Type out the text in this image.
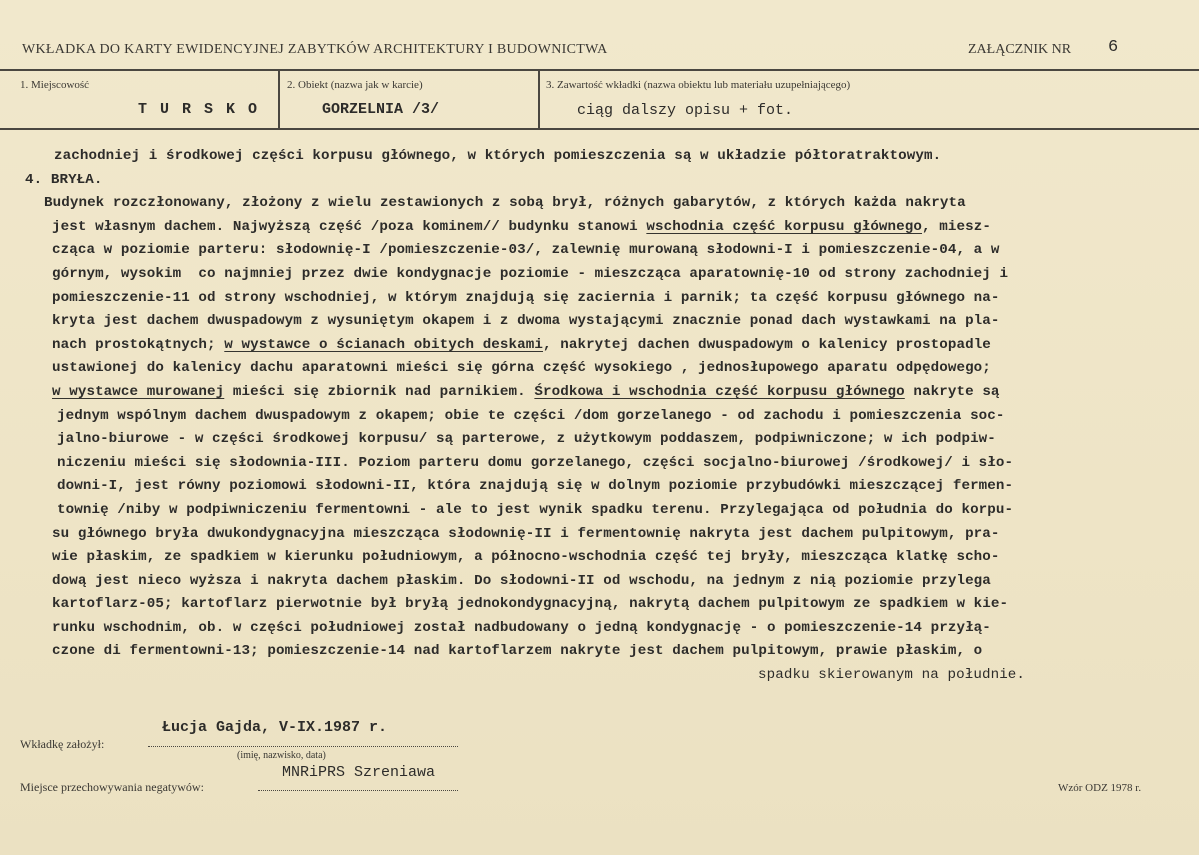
WKŁADKA DO KARTY EWIDENCYJNEJ ZABYTKÓW ARCHITEKTURY I BUDOWNICTWA	ZAŁĄCZNIK NR 6
1. Miejscowość
T U R S K O
2. Obiekt (nazwa jak w karcie)
GORZELNIA /3/
3. Zawartość wkładki (nazwa obiektu lub materiału uzupełniającego)
ciąg dalszy opisu + fot.
zachodniej i środkowej części korpusu głównego, w których pomieszczenia są w układzie półtoratraktowym.
4. BRYŁA.
Budynek rozczłonowany, złożony z wielu zestawionych z sobą brył, różnych gabarytów, z których każda nakryta
jest własnym dachem. Najwyższą część /poza kominem// budynku stanowi wschodnia część korpusu głównego, miesz-
cząca w poziomie parteru: słodownię-I /pomieszczenie-03/, zalewnię murowaną słodowni-I i pomieszczenie-04, a w
górnym, wysokim  co najmniej przez dwie kondygnacje poziomie - mieszcząca aparatownię-10 od strony zachodniej i
pomieszczenie-11 od strony wschodniej, w którym znajdują się zaciernia i parnik; ta część korpusu głównego na-
kryta jest dachem dwuspadowym z wysuniętym okapem i z dwoma wystającymi znacznie ponad dach wystawkami na pla-
nach prostokątnych; w wystawce o ścianach obitych deskami, nakrytej dachen dwuspadowym o kalenicy prostopadle
ustawionej do kalenicy dachu aparatowni mieści się górna część wysokiego , jednosłupowego aparatu odpędowego;
w wystawce murowanej mieści się zbiornik nad parnikiem. Środkowa i wschodnia część korpusu głównego nakryte są
jednym wspólnym dachem dwuspadowym z okapem; obie te części /dom gorzelanego - od zachodu i pomieszczenia soc-
jalno-biurowe - w części środkowej korpusu/ są parterowe, z użytkowym poddaszem, podpiwniczone; w ich podpiw-
niczeniu mieści się słodownia-III. Poziom parteru domu gorzelanego, części socjalno-biurowej /środkowej/ i sło-
downi-I, jest równy poziomowi słodowni-II, która znajdują się w dolnym poziomie przybudówki mieszczącej fermen-
townię /niby w podpiwniczeniu fermentowni - ale to jest wynik spadku terenu. Przylegająca od południa do korpu-
su głównego bryła dwukondygnacyjna mieszcząca słodownię-II i fermentownię nakryta jest dachem pulpitowym, pra-
wie płaskim, ze spadkiem w kierunku południowym, a północno-wschodnia część tej bryły, mieszcząca klatkę scho-
dową jest nieco wyższa i nakryta dachem płaskim. Do słodowni-II od wschodu, na jednym z nią poziomie przylega
kartoflarz-05; kartoflarz pierwotnie był bryłą jednokondygnacyjną, nakrytą dachem pulpitowym ze spadkiem w kie-
runku wschodnim, ob. w części południowej został nadbudowany o jedną kondygnację - o pomieszczenie-14 przyłą-
czone di fermentowni-13; pomieszczenie-14 nad kartoflarzem nakryte jest dachem pulpitowym, prawie płaskim, o
spadku skierowanym na południe.
Wkładkę założył:
Łucja Gajda, V-IX.1987 r.
(imię, nazwisko, data)
Miejsce przechowywania negatywów:
MNRiPRS Szreniawa
Wzór ODZ 1978 r.
